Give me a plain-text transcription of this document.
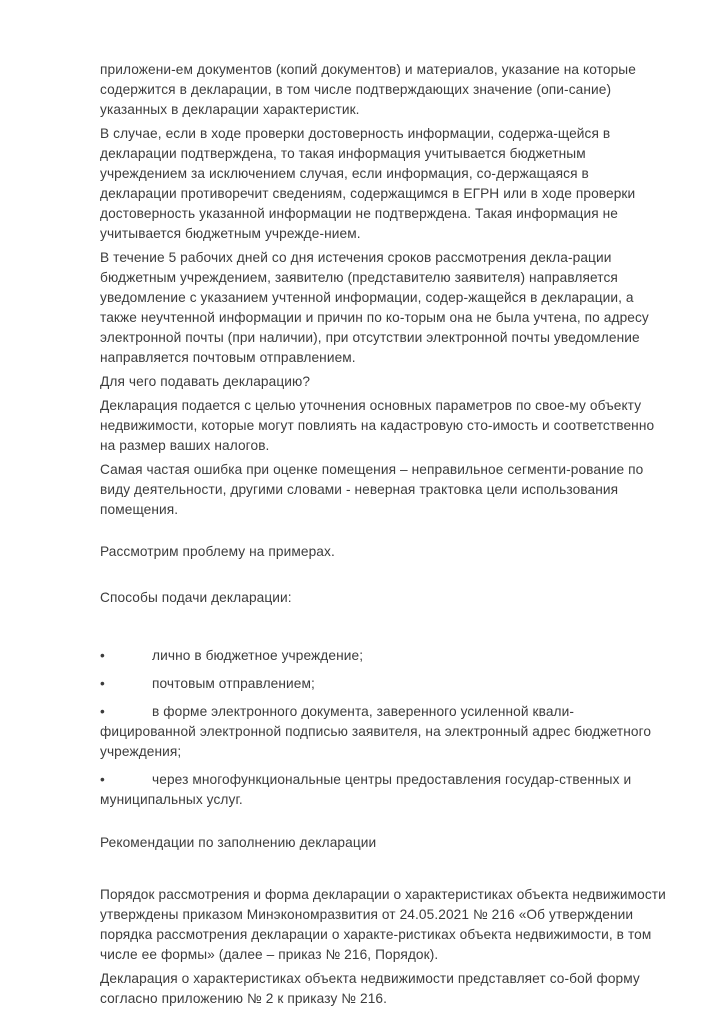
приложени-ем документов (копий документов) и материалов, указание на которые содержится в декларации, в том числе подтверждающих значение (опи-сание) указанных в декларации характеристик.

В случае, если в ходе проверки достоверность информации, содержа-щейся в декларации подтверждена, то такая информация учитывается бюджетным учреждением за исключением случая, если информация, со-держащаяся в декларации противоречит сведениям, содержащимся в ЕГРН или в ходе проверки достоверность указанной информации не подтверждена. Такая информация не учитывается бюджетным учрежде-нием.

В течение 5 рабочих дней со дня истечения сроков рассмотрения декла-рации бюджетным учреждением, заявителю (представителю заявителя) направляется уведомление с указанием учтенной информации, содер-жащейся в декларации, а также неучтенной информации и причин по ко-торым она не была учтена, по адресу электронной почты (при наличии), при отсутствии электронной почты уведомление направляется почтовым отправлением.

Для чего подавать декларацию?

Декларация подается с целью уточнения основных параметров по свое-му объекту недвижимости, которые могут повлиять на кадастровую сто-имость и соответственно на размер ваших налогов.

Самая частая ошибка при оценке помещения – неправильное сегменти-рование по виду деятельности, другими словами - неверная трактовка цели использования помещения.

Рассмотрим проблему на примерах.

Способы подачи декларации:

•	лично в бюджетное учреждение;

•	почтовым отправлением;

•	в форме электронного документа, заверенного усиленной квали-фицированной электронной подписью заявителя, на электронный адрес бюджетного учреждения;

•	через многофункциональные центры предоставления государ-ственных и муниципальных услуг.

Рекомендации по заполнению декларации

Порядок рассмотрения и форма декларации о характеристиках объекта недвижимости утверждены приказом Минэкономразвития от 24.05.2021 № 216 «Об утверждении порядка рассмотрения декларации о характе-ристиках объекта недвижимости, в том числе ее формы» (далее – приказ № 216, Порядок).

Декларация о характеристиках объекта недвижимости представляет со-бой форму согласно приложению № 2 к приказу № 216.
